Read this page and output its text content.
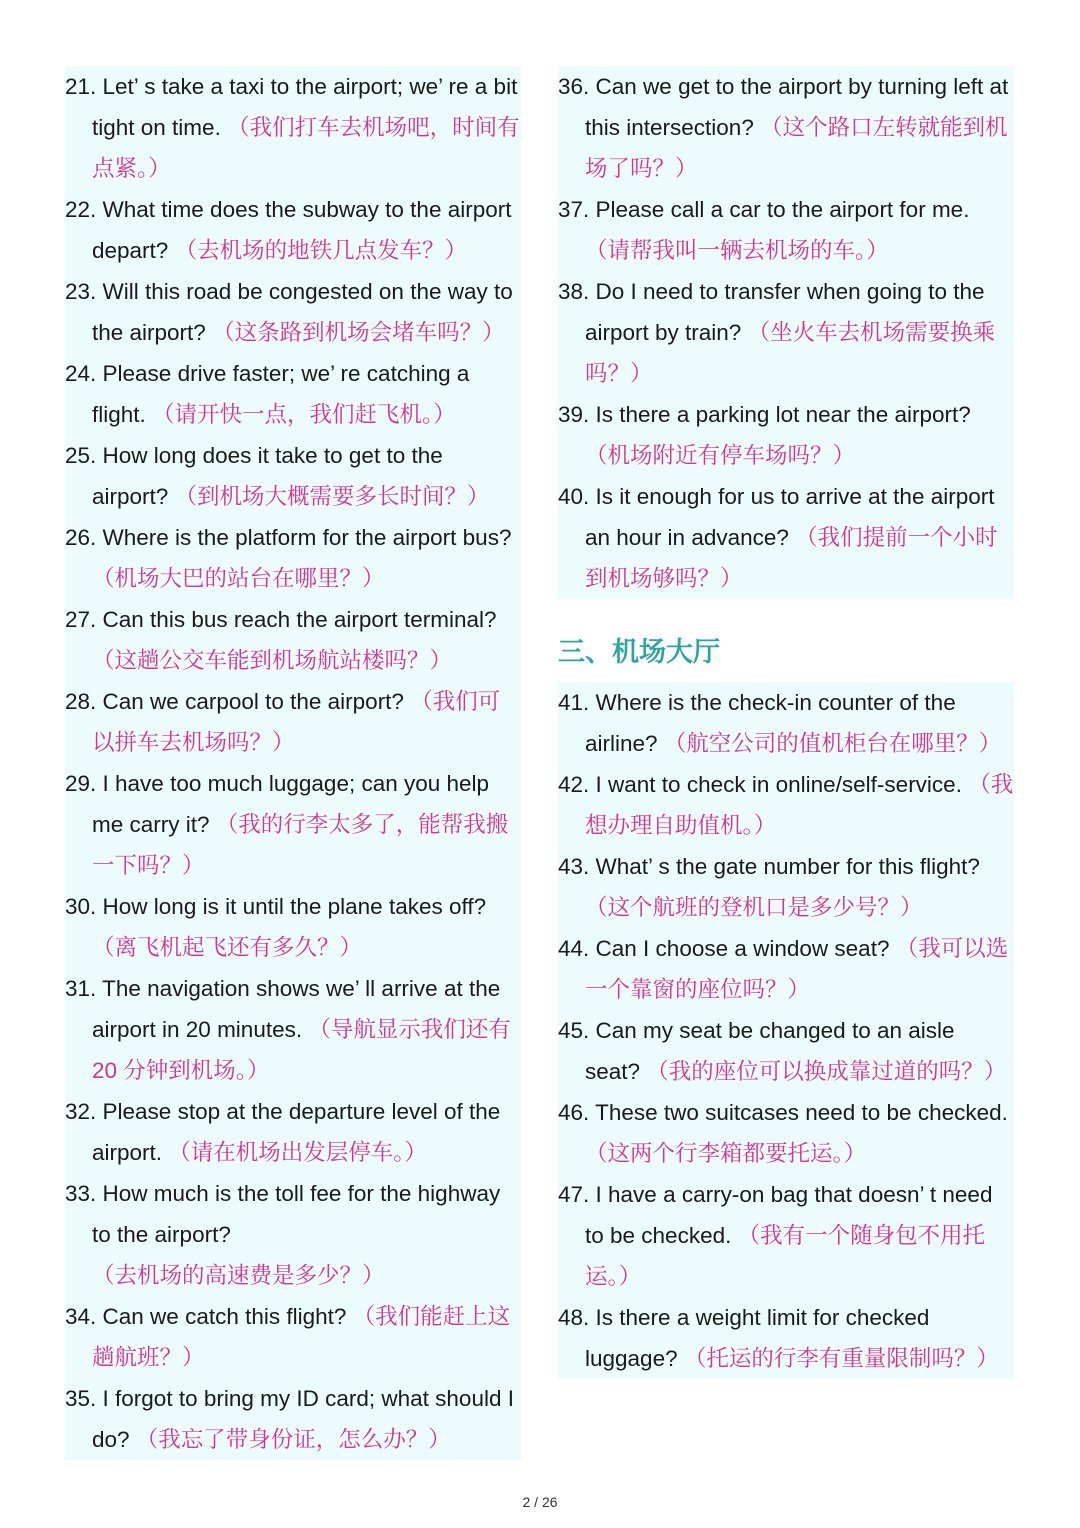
21. Let’ s take a taxi to the airport; we’ re a bit tight on time. （我们打车去机场吧，时间有点紧。）
22. What time does the subway to the airport depart? （去机场的地铁几点发车？）
23. Will this road be congested on the way to the airport? （这条路到机场会堵车吗？）
24. Please drive faster; we’ re catching a flight. （请开快一点，我们赶飞机。）
25. How long does it take to get to the airport? （到机场大概需要多长时间？）
26. Where is the platform for the airport bus? （机场大巴的站台在哪里？）
27. Can this bus reach the airport terminal? （这趟公交车能到机场航站楼吗？）
28. Can we carpool to the airport? （我们可以拼车去机场吗？）
29. I have too much luggage; can you help me carry it? （我的行李太多了，能帮我搬一下吗？）
30. How long is it until the plane takes off? （离飞机起飞还有多久？）
31. The navigation shows we’ ll arrive at the airport in 20 minutes. （导航显示我们还有 20 分钟到机场。）
32. Please stop at the departure level of the airport. （请在机场出发层停车。）
33. How much is the toll fee for the highway to the airport? （去机场的高速费是多少？）
34. Can we catch this flight? （我们能赶上这趟航班？）
35. I forgot to bring my ID card; what should I do? （我忘了带身份证，怎么办？）
36. Can we get to the airport by turning left at this intersection? （这个路口左转就能到机场了吗？）
37. Please call a car to the airport for me. （请帮我叫一辆去机场的车。）
38. Do I need to transfer when going to the airport by train? （坐火车去机场需要换乘吗？）
39. Is there a parking lot near the airport? （机场附近有停车场吗？）
40. Is it enough for us to arrive at the airport an hour in advance? （我们提前一个小时到机场够吗？）
三、机场大厅
41. Where is the check-in counter of the airline? （航空公司的值机柜台在哪里？）
42. I want to check in online/self-service. （我想办理自助值机。）
43. What’ s the gate number for this flight? （这个航班的登机口是多少号？）
44. Can I choose a window seat? （我可以选一个靠窗的座位吗？）
45. Can my seat be changed to an aisle seat? （我的座位可以换成靠过道的吗？）
46. These two suitcases need to be checked. （这两个行李箱都要托运。）
47. I have a carry-on bag that doesn’ t need to be checked. （我有一个随身包不用托运。）
48. Is there a weight limit for checked luggage? （托运的行李有重量限制吗？）
2 / 26
